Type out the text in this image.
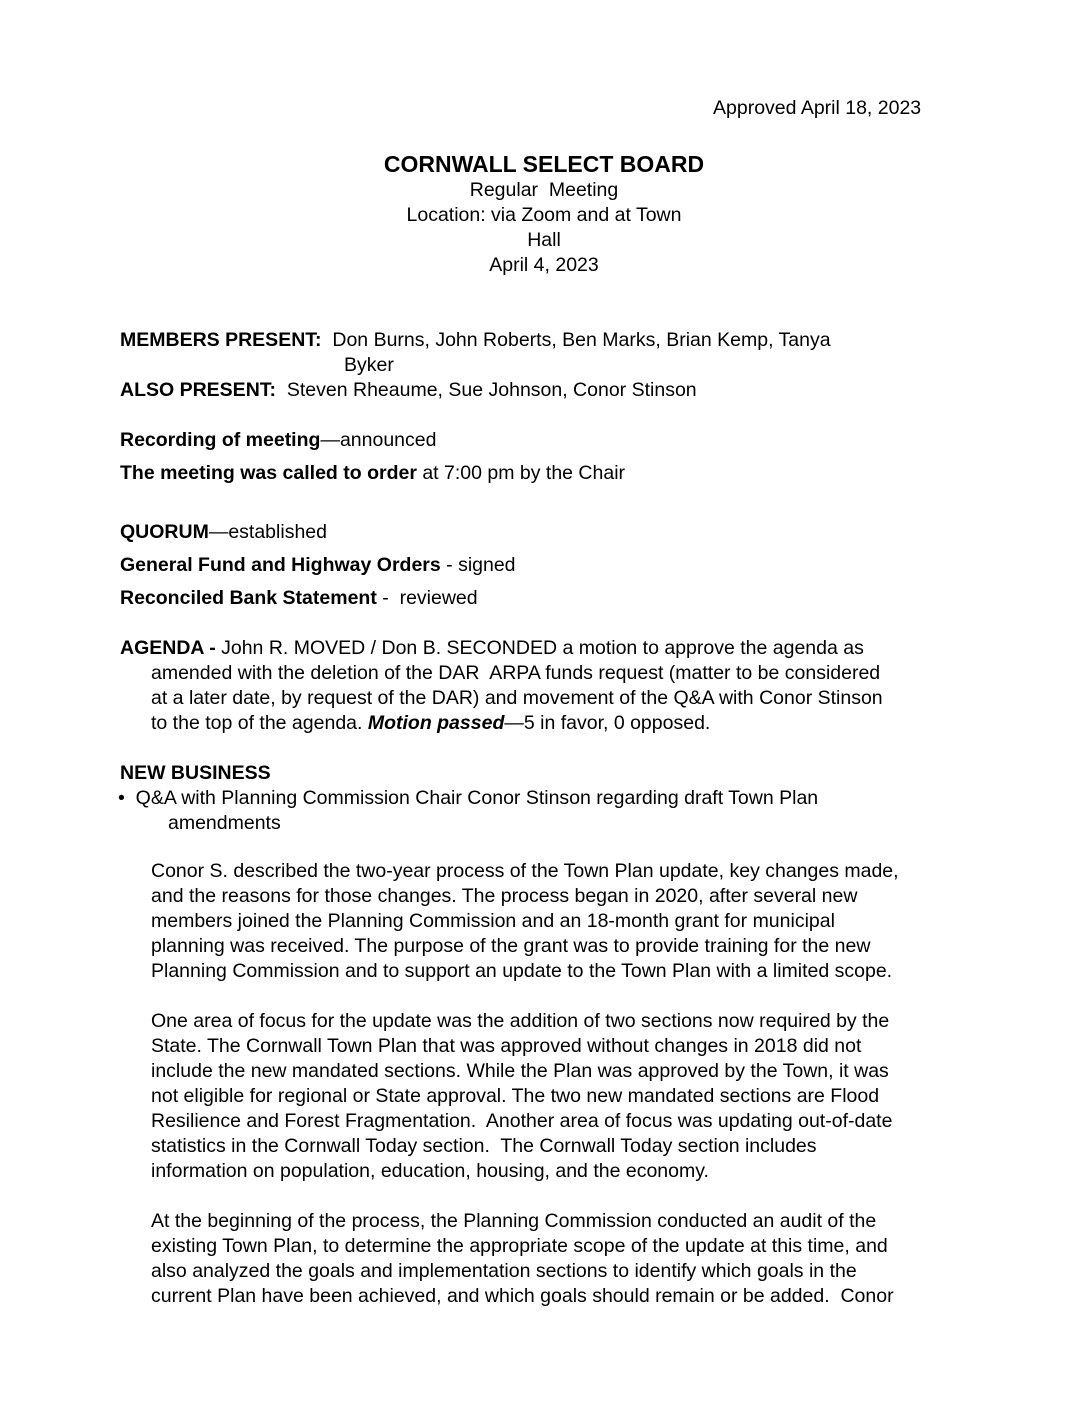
Approved April 18, 2023
CORNWALL SELECT BOARD
Regular  Meeting
Location: via Zoom and at Town
Hall
April 4, 2023
MEMBERS PRESENT: Don Burns, John Roberts, Ben Marks, Brian Kemp, Tanya
Byker
ALSO PRESENT: Steven Rheaume, Sue Johnson, Conor Stinson
Recording of meeting—announced
The meeting was called to order at 7:00 pm by the Chair
QUORUM—established
General Fund and Highway Orders - signed
Reconciled Bank Statement -  reviewed
AGENDA - John R. MOVED / Don B. SECONDED a motion to approve the agenda as
amended with the deletion of the DAR  ARPA funds request (matter to be considered
at a later date, by request of the DAR) and movement of the Q&A with Conor Stinson
to the top of the agenda. Motion passed—5 in favor, 0 opposed.
NEW BUSINESS
• Q&A with Planning Commission Chair Conor Stinson regarding draft Town Plan
amendments
Conor S. described the two-year process of the Town Plan update, key changes made,
and the reasons for those changes. The process began in 2020, after several new
members joined the Planning Commission and an 18-month grant for municipal
planning was received. The purpose of the grant was to provide training for the new
Planning Commission and to support an update to the Town Plan with a limited scope.
One area of focus for the update was the addition of two sections now required by the
State. The Cornwall Town Plan that was approved without changes in 2018 did not
include the new mandated sections. While the Plan was approved by the Town, it was
not eligible for regional or State approval. The two new mandated sections are Flood
Resilience and Forest Fragmentation.  Another area of focus was updating out-of-date
statistics in the Cornwall Today section.  The Cornwall Today section includes
information on population, education, housing, and the economy.
At the beginning of the process, the Planning Commission conducted an audit of the
existing Town Plan, to determine the appropriate scope of the update at this time, and
also analyzed the goals and implementation sections to identify which goals in the
current Plan have been achieved, and which goals should remain or be added.  Conor
